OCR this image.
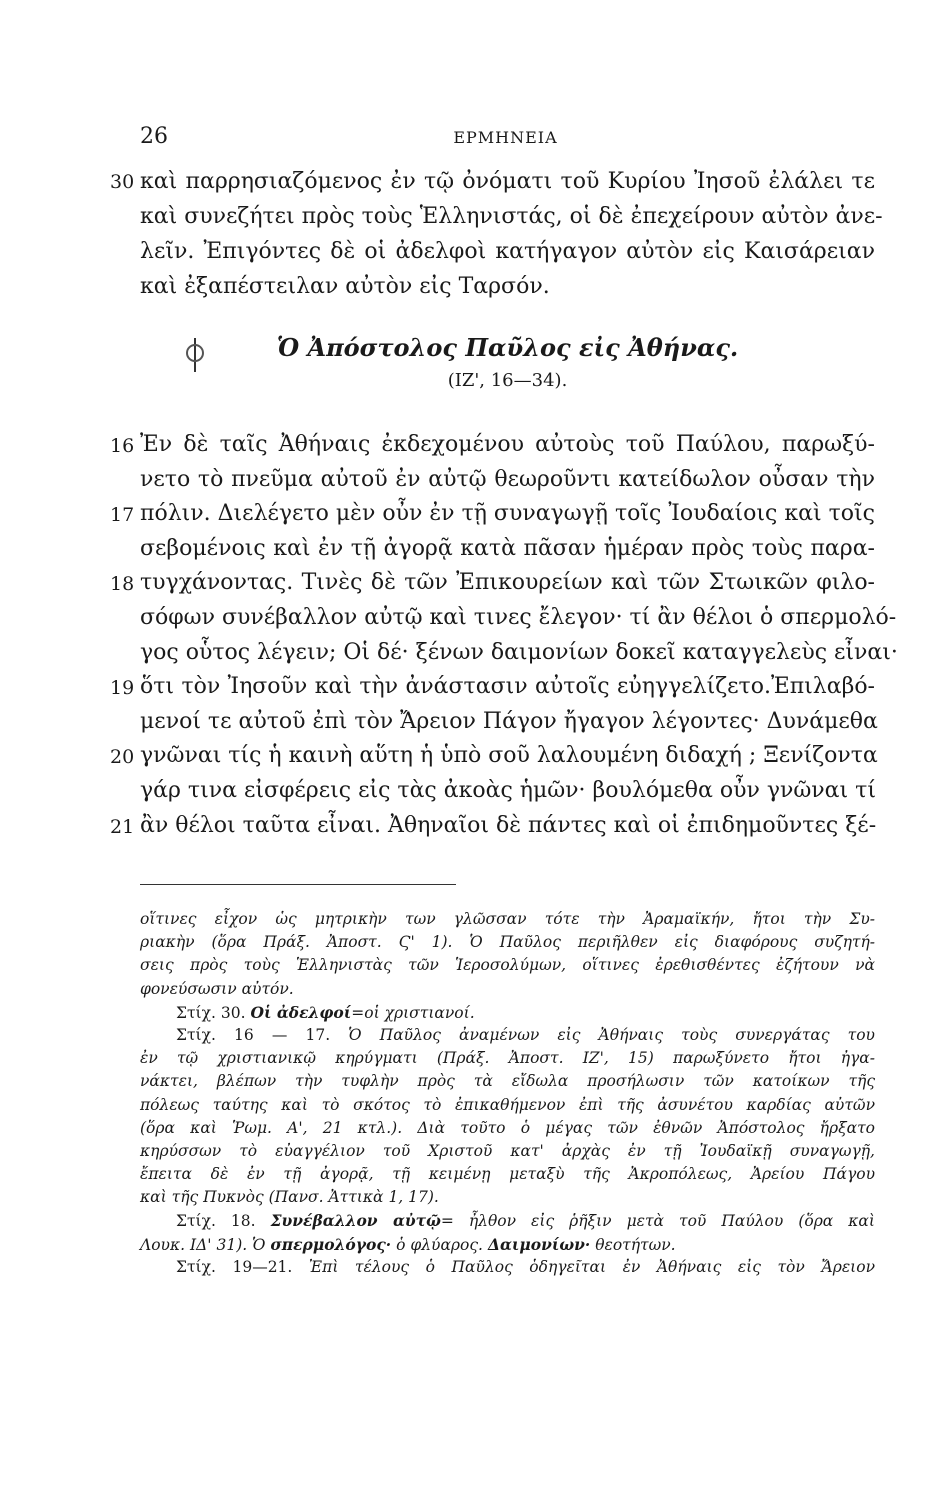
26	ΕΡΜΗΝΕΙΑ
30 καὶ παρρησιαζόμενος ἐν τῷ ὀνόματι τοῦ Κυρίου Ἰησοῦ ἐλάλει τε
καὶ συνεζήτει πρὸς τοὺς Ἑλληνιστάς, οἱ δὲ ἐπεχείρουν αὐτὸν ἀνε-
λεῖν. Ἐπιγόντες δὲ οἱ ἀδελφοὶ κατήγαγον αὐτὸν εἰς Καισάρειαν
καὶ ἐξαπέστειλαν αὐτὸν εἰς Ταρσόν.
Ὁ Ἀπόστολος Παῦλος εἰς Ἀθήνας.
(ΙΖ', 16—34).
16 Ἐν δὲ ταῖς Ἀθήναις ἐκδεχομένου αὐτοὺς τοῦ Παύλου, παρωξύ-
νετο τὸ πνεῦμα αὐτοῦ ἐν αὐτῷ θεωροῦντι κατείδωλον οὖσαν τὴν
17 πόλιν. Διελέγετο μὲν οὖν ἐν τῇ συναγωγῇ τοῖς Ἰουδαίοις καὶ τοῖς
σεβομένοις καὶ ἐν τῇ ἀγορᾷ κατὰ πᾶσαν ἡμέραν πρὸς τοὺς παρα-
18 τυγχάνοντας. Τινὲς δὲ τῶν Ἐπικουρείων καὶ τῶν Στωικῶν φιλο-
σόφων συνέβαλλον αὐτῷ καὶ τινες ἔλεγον· τί ἂν θέλοι ὁ σπερμολό-
γος οὗτος λέγειν; Οἱ δέ· ξένων δαιμονίων δοκεῖ καταγγελεὺς εἶναι·
19 ὅτι τὸν Ἰησοῦν καὶ τὴν ἀνάστασιν αὐτοῖς εὐηγγελίζετο.Ἐπιλαβό-
μενοί τε αὐτοῦ ἐπὶ τὸν Ἄρειον Πάγον ἤγαγον λέγοντες· Δυνάμεθα
20 γνῶναι τίς ἡ καινὴ αὕτη ἡ ὑπὸ σοῦ λαλουμένη διδαχή ; Ξενίζοντα
γάρ τινα εἰσφέρεις εἰς τὰς ἀκοὰς ἡμῶν· βουλόμεθα οὖν γνῶναι τί
21 ἂν θέλοι ταῦτα εἶναι. Ἀθηναῖοι δὲ πάντες καὶ οἱ ἐπιδημοῦντες ξέ-
οἵτινες εἶχον ὡς μητρικὴν των γλῶσσαν τότε τὴν Ἀραμαϊκήν, ἤτοι τὴν Συ-
ριακὴν (ὅρα Πράξ. Ἀποστ. Ϛ' 1). Ὁ Παῦλος περιῆλθεν εἰς διαφόρους συζητή-
σεις πρὸς τοὺς Ἑλληνιστὰς τῶν Ἱεροσολύμων, οἵτινες ἐρεθισθέντες ἐζήτουν νὰ
φονεύσωσιν αὐτόν.
Στίχ. 30. Οἱ ἀδελφοί=οἱ χριστιανοί.
Στίχ. 16 — 17. Ὁ Παῦλος ἀναμένων εἰς Ἀθήναις τοὺς συνεργάτας του
ἐν τῷ χριστιανικῷ κηρύγματι (Πράξ. Ἀποστ. ΙΖ', 15) παρωξύνετο ἤτοι ἠγα-
νάκτει, βλέπων τὴν τυφλὴν πρὸς τὰ εἴδωλα προσήλωσιν τῶν κατοίκων τῆς
πόλεως ταύτης καὶ τὸ σκότος τὸ ἐπικαθήμενον ἐπὶ τῆς ἀσυνέτου καρδίας αὐτῶν
(ὅρα καὶ Ῥωμ. Α', 21 κτλ.). Διὰ τοῦτο ὁ μέγας τῶν ἐθνῶν Ἀπόστολος ἤρξατο
κηρύσσων τὸ εὐαγγέλιον τοῦ Χριστοῦ κατ' ἀρχὰς ἐν τῇ Ἰουδαϊκῇ συναγωγῇ,
ἔπειτα δὲ ἐν τῇ ἀγορᾷ, τῇ κειμένῃ μεταξὺ τῆς Ἀκροπόλεως, Ἀρείου Πάγου
καὶ τῆς Πυκνὸς (Πανσ. Ἀττικὰ 1, 17).
Στίχ. 18. Συνέβαλλον αὐτῷ= ἦλθον εἰς ῥῆξιν μετὰ τοῦ Παύλου (ὅρα καὶ
Λουκ. ΙΔ' 31). Ὁ σπερμολόγος· ὁ φλύαρος. Δαιμονίων· θεοτήτων.
Στίχ. 19—21. Ἐπὶ τέλους ὁ Παῦλος ὁδηγεῖται ἐν Ἀθήναις εἰς τὸν Ἄρειον
